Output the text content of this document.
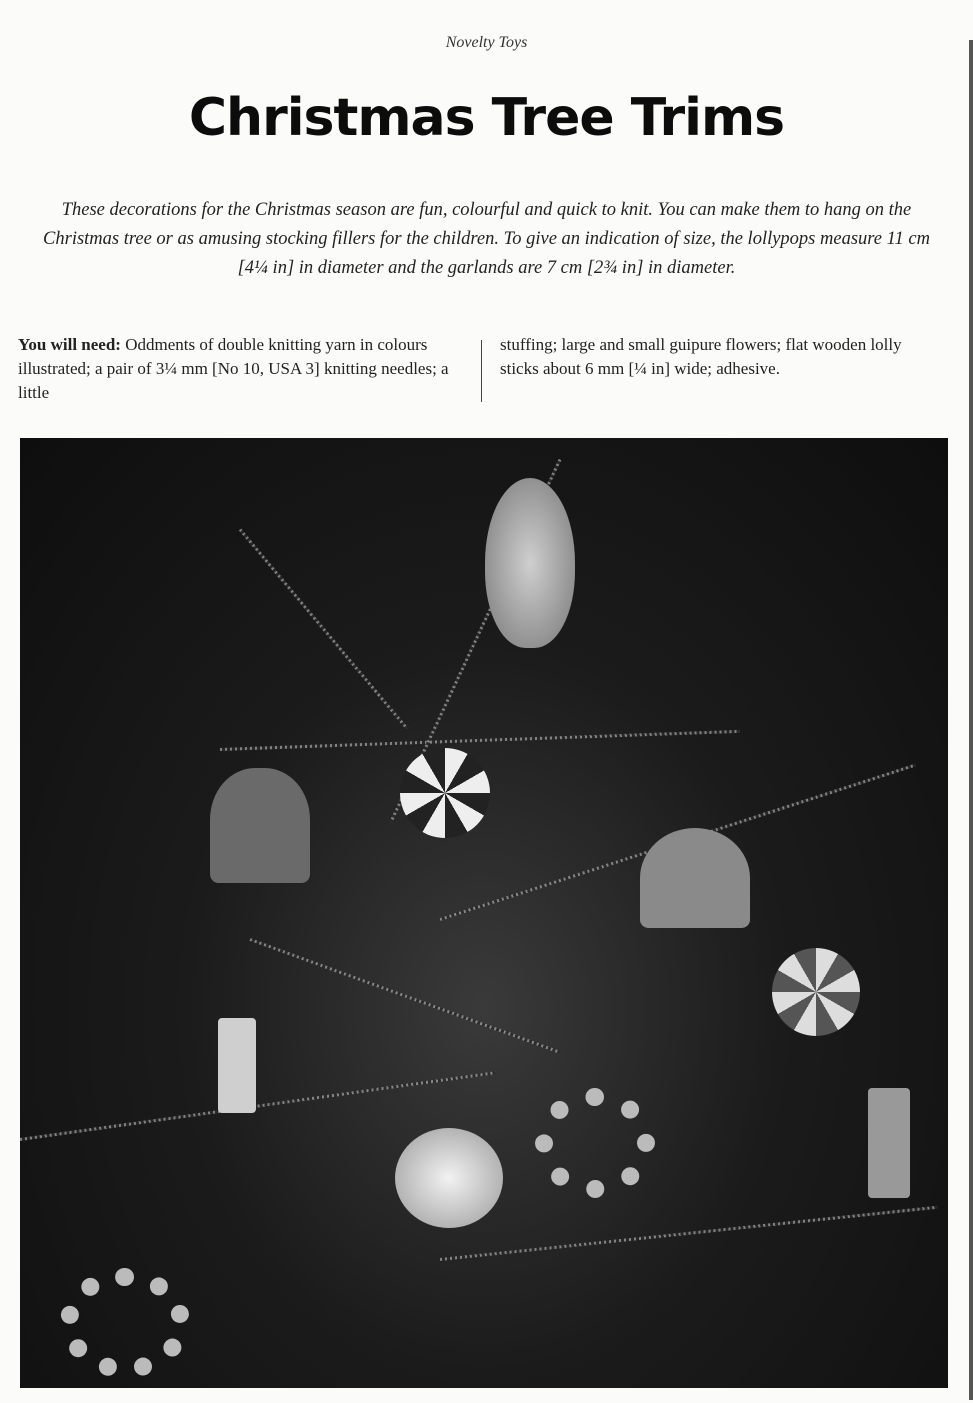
Novelty Toys
Christmas Tree Trims
These decorations for the Christmas season are fun, colourful and quick to knit. You can make them to hang on the Christmas tree or as amusing stocking fillers for the children. To give an indication of size, the lollypops measure 11 cm [4¼ in] in diameter and the garlands are 7 cm [2¾ in] in diameter.
You will need: Oddments of double knitting yarn in colours illustrated; a pair of 3¼ mm [No 10, USA 3] knitting needles; a little
stuffing; large and small guipure flowers; flat wooden lolly sticks about 6 mm [¼ in] wide; adhesive.
